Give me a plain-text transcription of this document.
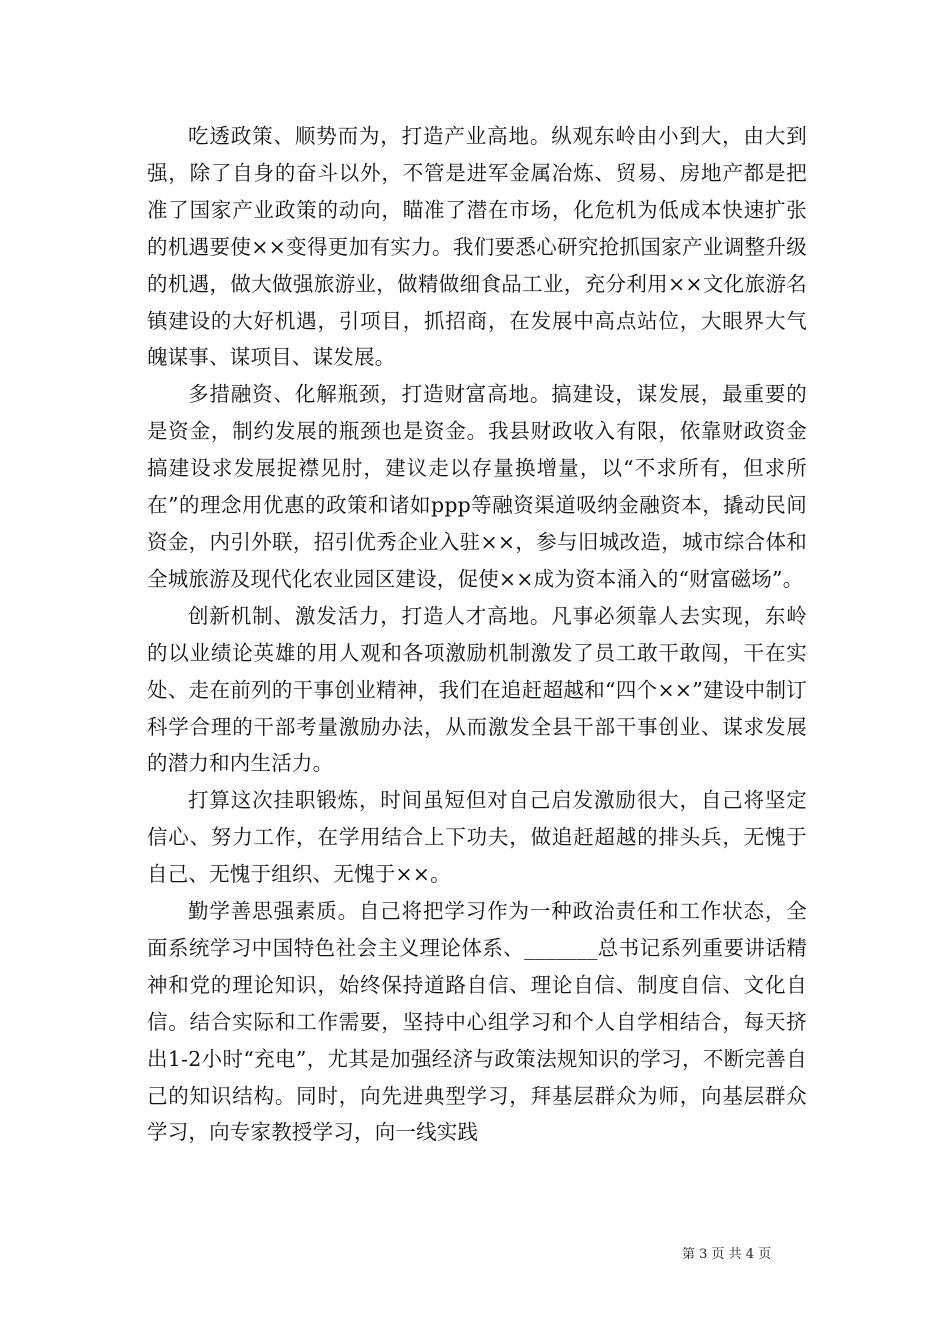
吃透政策、顺势而为，打造产业高地。纵观东岭由小到大，由大到强，除了自身的奋斗以外，不管是进军金属冶炼、贸易、房地产都是把准了国家产业政策的动向，瞄准了潜在市场，化危机为低成本快速扩张的机遇要使××变得更加有实力。我们要悉心研究抢抓国家产业调整升级的机遇，做大做强旅游业，做精做细食品工业，充分利用××文化旅游名镇建设的大好机遇，引项目，抓招商，在发展中高点站位，大眼界大气魄谋事、谋项目、谋发展。

多措融资、化解瓶颈，打造财富高地。搞建设，谋发展，最重要的是资金，制约发展的瓶颈也是资金。我县财政收入有限，依靠财政资金搞建设求发展捉襟见肘，建议走以存量换增量，以“不求所有，但求所在”的理念用优惠的政策和诸如ppp等融资渠道吸纳金融资本，撬动民间资金，内引外联，招引优秀企业入驻××，参与旧城改造，城市综合体和全城旅游及现代化农业园区建设，促使××成为资本涌入的“财富磁场”。

创新机制、激发活力，打造人才高地。凡事必须靠人去实现，东岭的以业绩论英雄的用人观和各项激励机制激发了员工敢干敢闯，干在实处、走在前列的干事创业精神，我们在追赶超越和“四个××”建设中制订科学合理的干部考量激励办法，从而激发全县干部干事创业、谋求发展的潜力和内生活力。

打算这次挂职锻炼，时间虽短但对自己启发激励很大，自己将坚定信心、努力工作，在学用结合上下功夫，做追赶超越的排头兵，无愧于自己、无愧于组织、无愧于××。

勤学善思强素质。自己将把学习作为一种政治责任和工作状态，全面系统学习中国特色社会主义理论体系、_______总书记系列重要讲话精神和党的理论知识，始终保持道路自信、理论自信、制度自信、文化自信。结合实际和工作需要，坚持中心组学习和个人自学相结合，每天挤出1-2小时“充电”，尤其是加强经济与政策法规知识的学习，不断完善自己的知识结构。同时，向先进典型学习，拜基层群众为师，向基层群众学习，向专家教授学习，向一线实践

第 3 页 共 4 页
